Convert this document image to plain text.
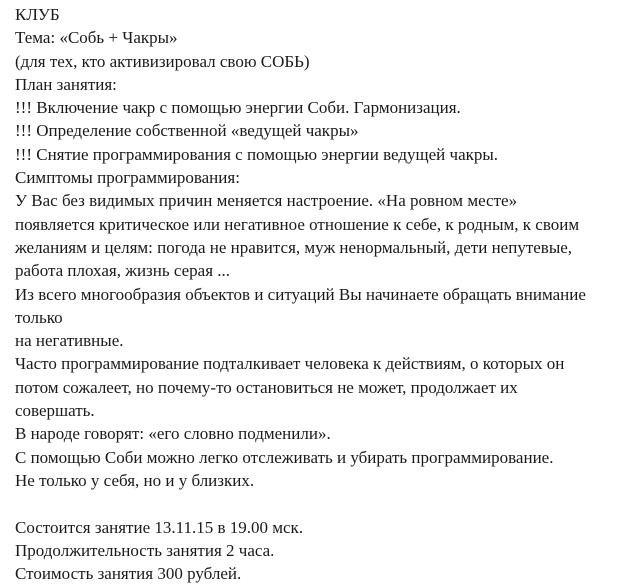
КЛУБ
Тема: «Собь + Чакры»
(для тех, кто активизировал свою СОБЬ)
План занятия:
!!! Включение чакр с помощью энергии Соби. Гармонизация.
!!! Определение собственной «ведущей чакры»
!!! Снятие программирования с помощью энергии ведущей чакры.
Симптомы программирования:
У Вас без видимых причин меняется настроение. «На ровном месте»
появляется критическое или негативное отношение к себе, к родным, к своим
желаниям и целям: погода не нравится, муж ненормальный, дети непутевые,
работа плохая, жизнь серая ...
Из всего многообразия объектов и ситуаций Вы начинаете обращать внимание
только
на негативные.
Часто программирование подталкивает человека к действиям, о которых он
потом сожалеет, но почему-то остановиться не может, продолжает их
совершать.
В народе говорят: «его словно подменили».
С помощью Соби можно легко отслеживать и убирать программирование.
Не только у себя, но и у близких.
Состоится занятие 13.11.15 в 19.00 мск.
Продолжительность занятия 2 часа.
Стоимость занятия 300 рублей.
